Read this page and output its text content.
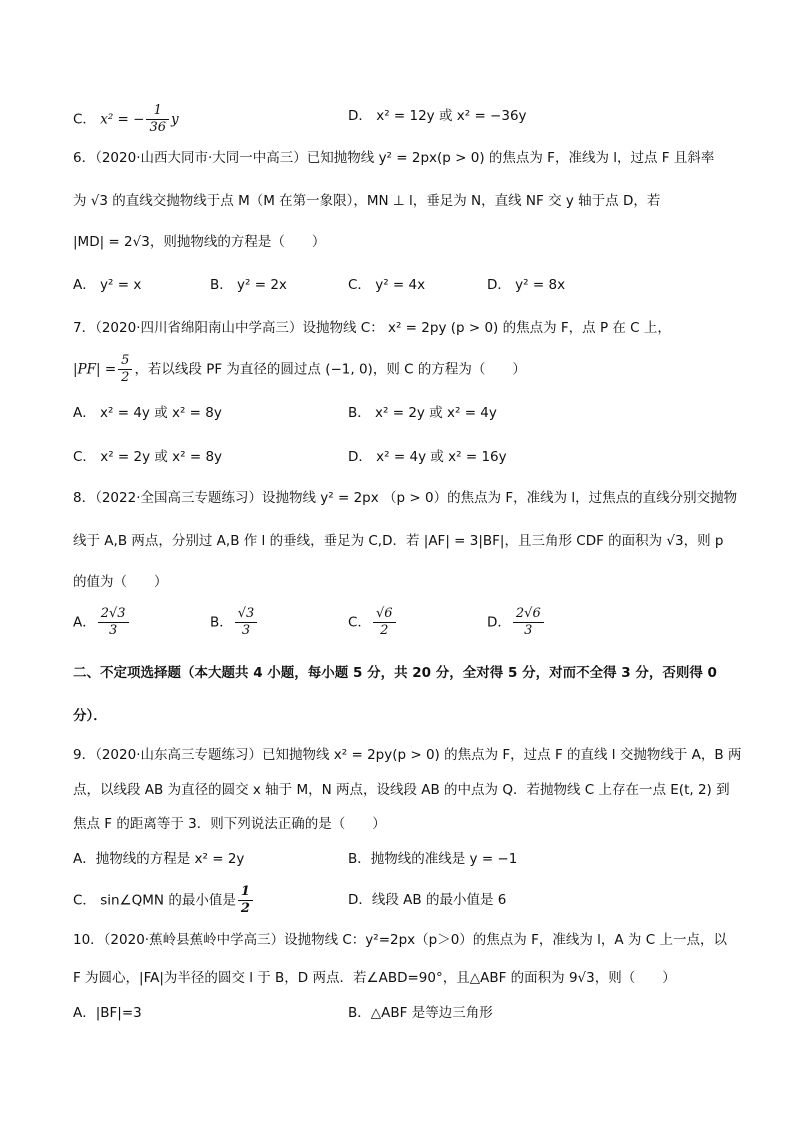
C． x² = − $\frac{1}{36}$ y	D． x² = 12y 或 x² = −36y
6．（2020·山西大同市·大同一中高三）已知抛物线 y² = 2px(p > 0) 的焦点为 F，准线为 l，过点 F 且斜率
为 √3 的直线交抛物线于点 M（M 在第一象限），MN ⊥ l，垂足为 N，直线 NF 交 y 轴于点 D，若
|MD| = 2√3，则抛物线的方程是（　　）
A． y² = x	B． y² = 2x	C． y² = 4x	D． y² = 8x
7．（2020·四川省绵阳南山中学高三）设抛物线 C： x² = 2py (p > 0) 的焦点为 F，点 P 在 C 上，
$|PF| = \frac{5}{2}$ ，若以线段 PF 为直径的圆过点 (−1, 0)，则 C 的方程为（　　）
A． x² = 4y 或 x² = 8y	B． x² = 2y 或 x² = 4y
C． x² = 2y 或 x² = 8y	D． x² = 4y 或 x² = 16y
8．（2022·全国高三专题练习）设抛物线 y² = 2px （p > 0）的焦点为 F，准线为 l，过焦点的直线分别交抛物
线于 A,B 两点，分别过 A,B 作 l 的垂线，垂足为 C,D．若 |AF| = 3|BF|，且三角形 CDF 的面积为 √3，则 p
的值为（　　）
A． $\frac{2√3}{3}$	B． $\frac{√3}{3}$	C． $\frac{√6}{2}$	D． $\frac{2√6}{3}$
二、不定项选择题（本大题共 4 小题，每小题 5 分，共 20 分，全对得 5 分，对而不全得 3 分，否则得 0
分）．
9．（2020·山东高三专题练习）已知抛物线 x² = 2py(p > 0) 的焦点为 F，过点 F 的直线 l 交抛物线于 A，B 两
点，以线段 AB 为直径的圆交 x 轴于 M，N 两点，设线段 AB 的中点为 Q．若抛物线 C 上存在一点 E(t, 2) 到
焦点 F 的距离等于 3．则下列说法正确的是（　　）
A．抛物线的方程是 x² = 2y	B．抛物线的准线是 y = −1
C． sin∠QMN 的最小值是 $\frac{1}{2}$	D．线段 AB 的最小值是 6
10．（2020·蕉岭县蕉岭中学高三）设抛物线 C：y²=2px（p＞0）的焦点为 F，准线为 l，A 为 C 上一点，以
F 为圆心，|FA|为半径的圆交 l 于 B，D 两点．若∠ABD=90°，且△ABF 的面积为 9√3，则（　　）
A．|BF|=3	B．△ABF 是等边三角形
